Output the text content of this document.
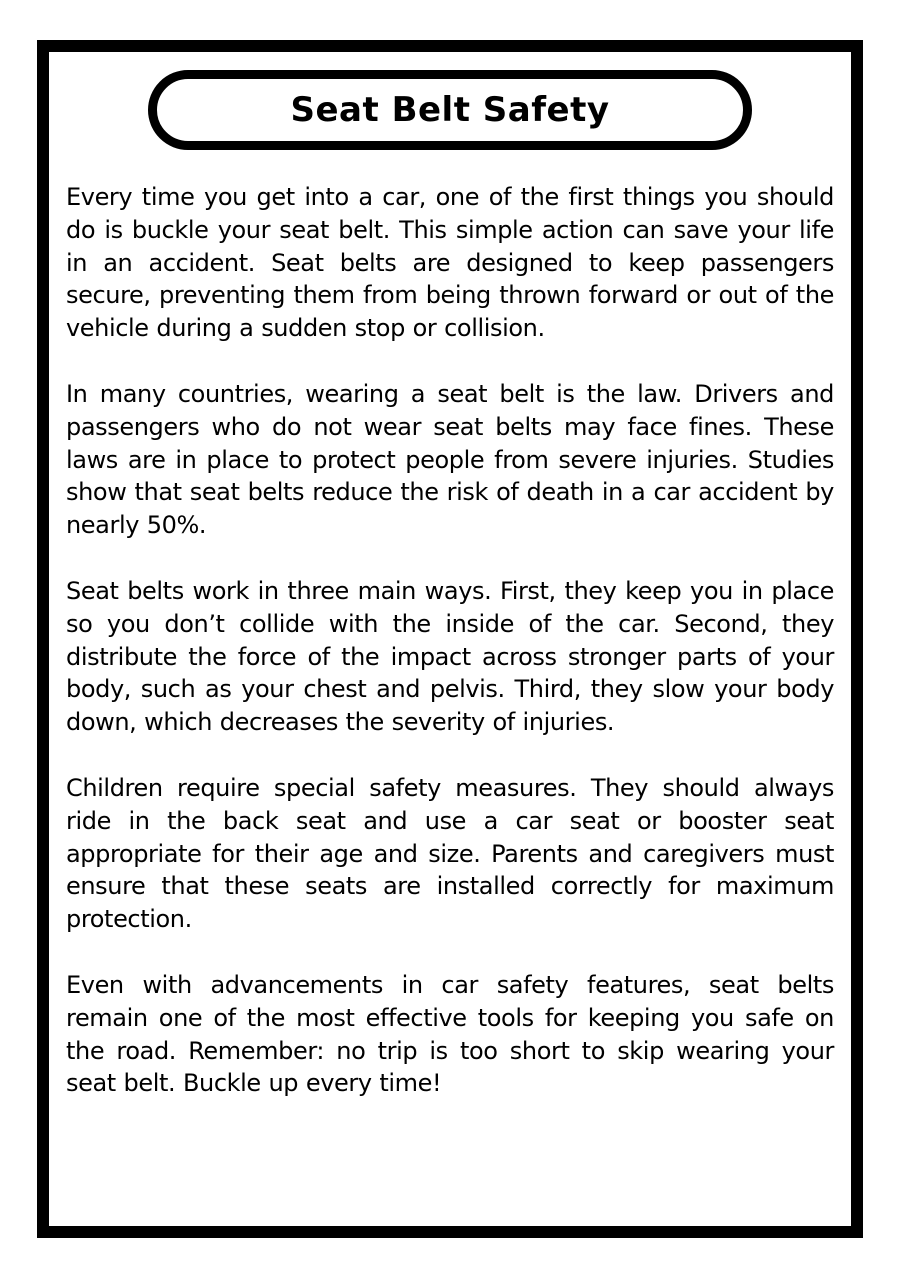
Seat Belt Safety

Every time you get into a car, one of the first things you should do is buckle your seat belt. This simple action can save your life in an accident. Seat belts are designed to keep passengers secure, preventing them from being thrown forward or out of the vehicle during a sudden stop or collision.

In many countries, wearing a seat belt is the law. Drivers and passengers who do not wear seat belts may face fines. These laws are in place to protect people from severe injuries. Studies show that seat belts reduce the risk of death in a car accident by nearly 50%.

Seat belts work in three main ways. First, they keep you in place so you don’t collide with the inside of the car. Second, they distribute the force of the impact across stronger parts of your body, such as your chest and pelvis. Third, they slow your body down, which decreases the severity of injuries.

Children require special safety measures. They should always ride in the back seat and use a car seat or booster seat appropriate for their age and size. Parents and caregivers must ensure that these seats are installed correctly for maximum protection.

Even with advancements in car safety features, seat belts remain one of the most effective tools for keeping you safe on the road. Remember: no trip is too short to skip wearing your seat belt. Buckle up every time!
